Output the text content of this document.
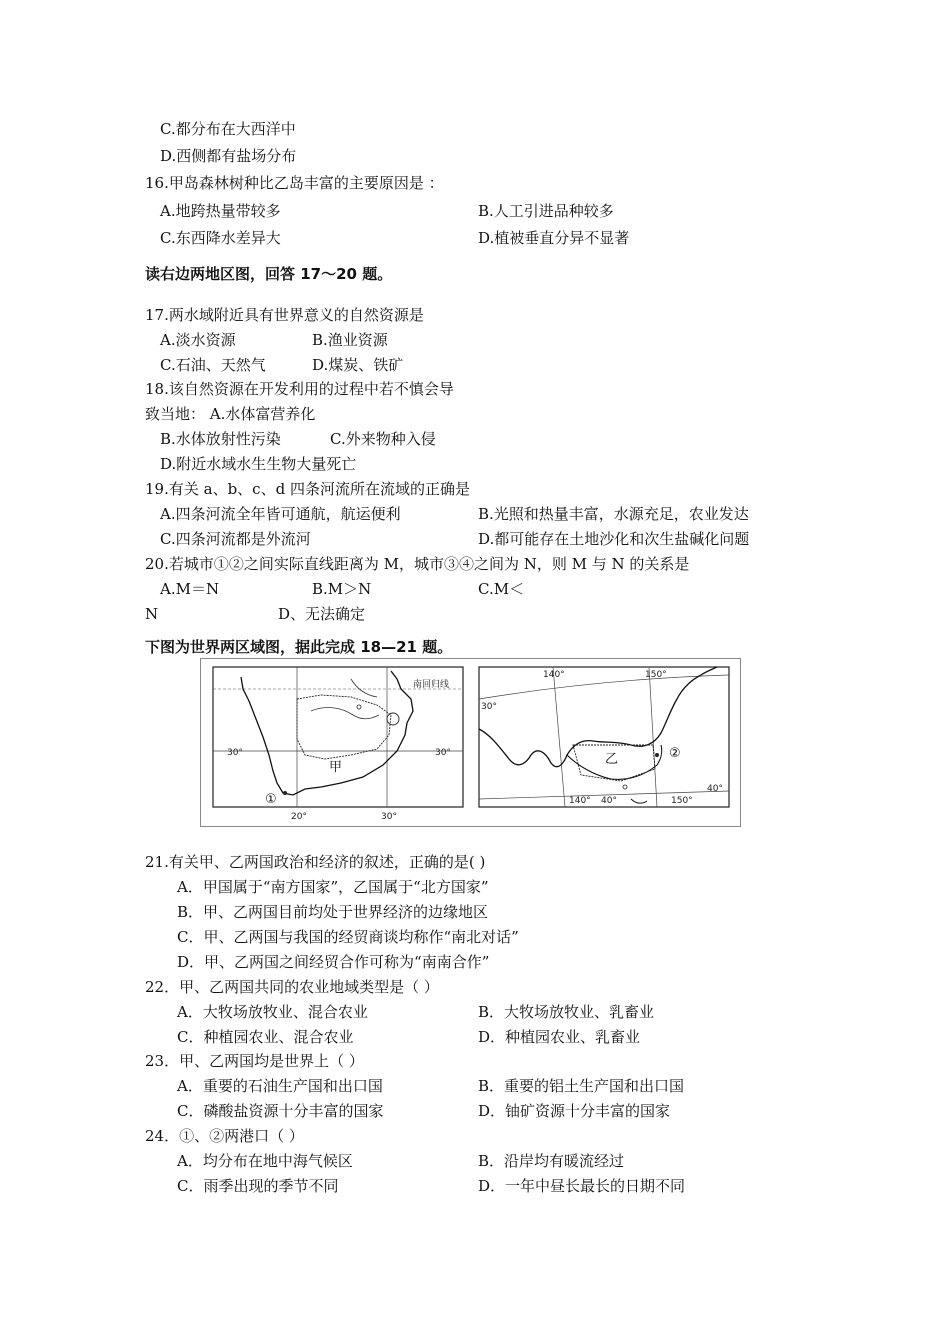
C.都分布在大西洋中
D.西侧都有盐场分布
16.甲岛森林树种比乙岛丰富的主要原因是 ：
A.地跨热量带较多	B.人工引进品种较多
C.东西降水差异大	D.植被垂直分异不显著
读右边两地区图，回答 17～20 题。
17.两水域附近具有世界意义的自然资源是
A.淡水资源	B.渔业资源
C.石油、天然气	D.煤炭、铁矿
18.该自然资源在开发利用的过程中若不慎会导
致当地： A.水体富营养化
B.水体放射性污染	C.外来物种入侵
D.附近水域水生生物大量死亡
19.有关 a、b、c、d 四条河流所在流域的正确是
A.四条河流全年皆可通航，航运便利	B.光照和热量丰富，水源充足，农业发达
C.四条河流都是外流河	D.都可能存在土地沙化和次生盐碱化问题
20.若城市①②之间实际直线距离为 M，城市③④之间为 N，则 M 与 N 的关系是
A.M＝N	B.M＞N	C.M＜
N	D、无法确定
下图为世界两区域图，据此完成 18—21 题。
南回归线
30°	30°
甲
①
20°	30°
140°	150°
30°
乙	②
140° 40°	150°
40°
21.有关甲、乙两国政治和经济的叙述，正确的是( )
A．甲国属于“南方国家”，乙国属于“北方国家”
B．甲、乙两国目前均处于世界经济的边缘地区
C．甲、乙两国与我国的经贸商谈均称作“南北对话”
D．甲、乙两国之间经贸合作可称为“南南合作”
22．甲、乙两国共同的农业地域类型是（ ）
A．大牧场放牧业、混合农业	B．大牧场放牧业、乳畜业
C．种植园农业、混合农业	D．种植园农业、乳畜业
23．甲、乙两国均是世界上（ ）
A．重要的石油生产国和出口国	B．重要的铝土生产国和出口国
C．磷酸盐资源十分丰富的国家	D．铀矿资源十分丰富的国家
24．①、②两港口（ ）
A．均分布在地中海气候区	B．沿岸均有暖流经过
C．雨季出现的季节不同	D．一年中昼长最长的日期不同
